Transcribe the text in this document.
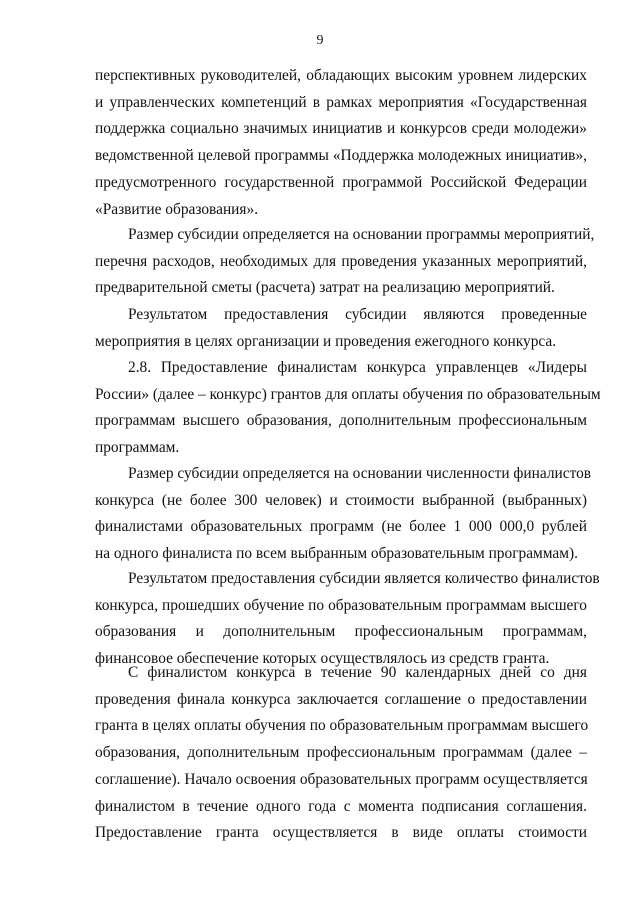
9

перспективных руководителей, обладающих высоким уровнем лидерских
и управленческих компетенций в рамках мероприятия «Государственная
поддержка социально значимых инициатив и конкурсов среди молодежи»
ведомственной целевой программы «Поддержка молодежных инициатив»,
предусмотренного государственной программой Российской Федерации
«Развитие образования».

Размер субсидии определяется на основании программы мероприятий,
перечня расходов, необходимых для проведения указанных мероприятий,
предварительной сметы (расчета) затрат на реализацию мероприятий.

Результатом предоставления субсидии являются проведенные
мероприятия в целях организации и проведения ежегодного конкурса.

2.8. Предоставление финалистам конкурса управленцев «Лидеры
России» (далее – конкурс) грантов для оплаты обучения по образовательным
программам высшего образования, дополнительным профессиональным
программам.

Размер субсидии определяется на основании численности финалистов
конкурса (не более 300 человек) и стоимости выбранной (выбранных)
финалистами образовательных программ (не более 1 000 000,0 рублей
на одного финалиста по всем выбранным образовательным программам).

Результатом предоставления субсидии является количество финалистов
конкурса, прошедших обучение по образовательным программам высшего
образования и дополнительным профессиональным программам,
финансовое обеспечение которых осуществлялось из средств гранта.

С финалистом конкурса в течение 90 календарных дней со дня
проведения финала конкурса заключается соглашение о предоставлении
гранта в целях оплаты обучения по образовательным программам высшего
образования, дополнительным профессиональным программам (далее –
соглашение). Начало освоения образовательных программ осуществляется
финалистом в течение одного года с момента подписания соглашения.
Предоставление гранта осуществляется в виде оплаты стоимости
